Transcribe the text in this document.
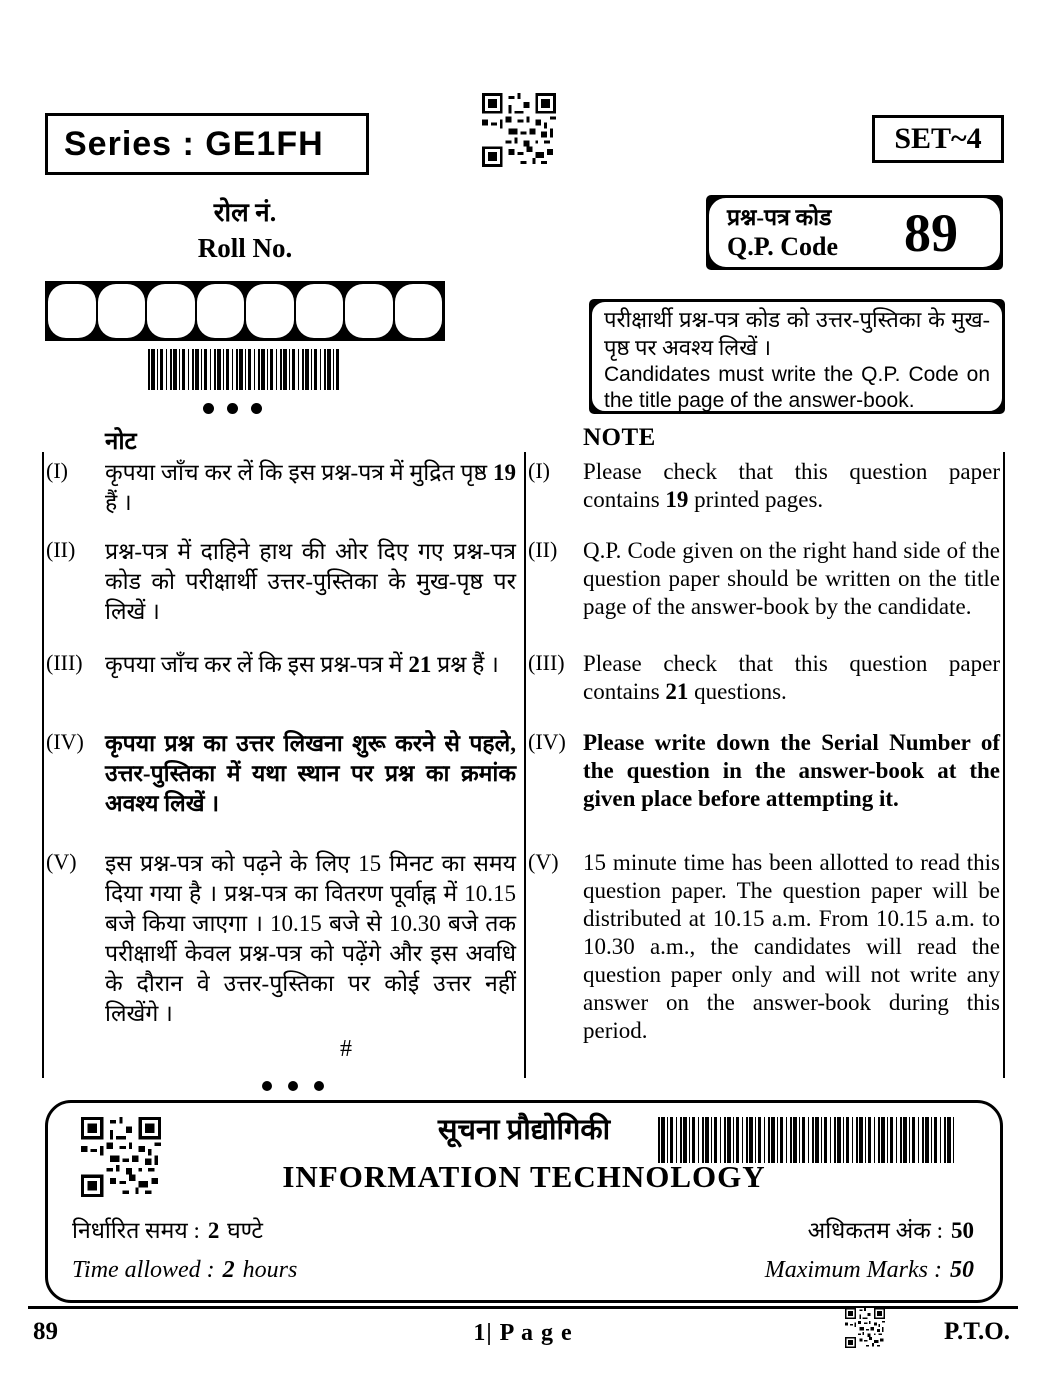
Series : GE1FH	SET~4
रोल नं.
Roll No.
प्रश्न-पत्र कोड
Q.P. Code 89
परीक्षार्थी प्रश्न-पत्र कोड को उत्तर-पुस्तिका के मुख-पृष्ठ पर अवश्य लिखें ।
Candidates must write the Q.P. Code on the title page of the answer-book.
नोट	NOTE
(I)	कृपया जाँच कर लें कि इस प्रश्न-पत्र में मुद्रित पृष्ठ 19 हैं ।
(I)	Please check that this question paper contains 19 printed pages.
(II)	प्रश्न-पत्र में दाहिने हाथ की ओर दिए गए प्रश्न-पत्र कोड को परीक्षार्थी उत्तर-पुस्तिका के मुख-पृष्ठ पर लिखें ।
(II)	Q.P. Code given on the right hand side of the question paper should be written on the title page of the answer-book by the candidate.
(III) कृपया जाँच कर लें कि इस प्रश्न-पत्र में 21 प्रश्न हैं ।	(III) Please check that this question paper contains 21 questions.
(IV) कृपया प्रश्न का उत्तर लिखना शुरू करने से पहले, उत्तर-पुस्तिका में यथा स्थान पर प्रश्न का क्रमांक अवश्य लिखें ।
(IV) Please write down the Serial Number of the question in the answer-book at the given place before attempting it.
(V)	इस प्रश्न-पत्र को पढ़ने के लिए 15 मिनट का समय दिया गया है । प्रश्न-पत्र का वितरण पूर्वाह्न में 10.15 बजे किया जाएगा । 10.15 बजे से 10.30 बजे तक परीक्षार्थी केवल प्रश्न-पत्र को पढ़ेंगे और इस अवधि के दौरान वे उत्तर-पुस्तिका पर कोई उत्तर नहीं लिखेंगे ।
(V)	15 minute time has been allotted to read this question paper. The question paper will be distributed at 10.15 a.m. From 10.15 a.m. to 10.30 a.m., the candidates will read the question paper only and will not write any answer on the answer-book during this period.
#
सूचना प्रौद्योगिकी
INFORMATION TECHNOLOGY
निर्धारित समय : 2 घण्टे	अधिकतम अंक : 50
Time allowed : 2 hours	Maximum Marks : 50
89	1| P a g e	P.T.O.
